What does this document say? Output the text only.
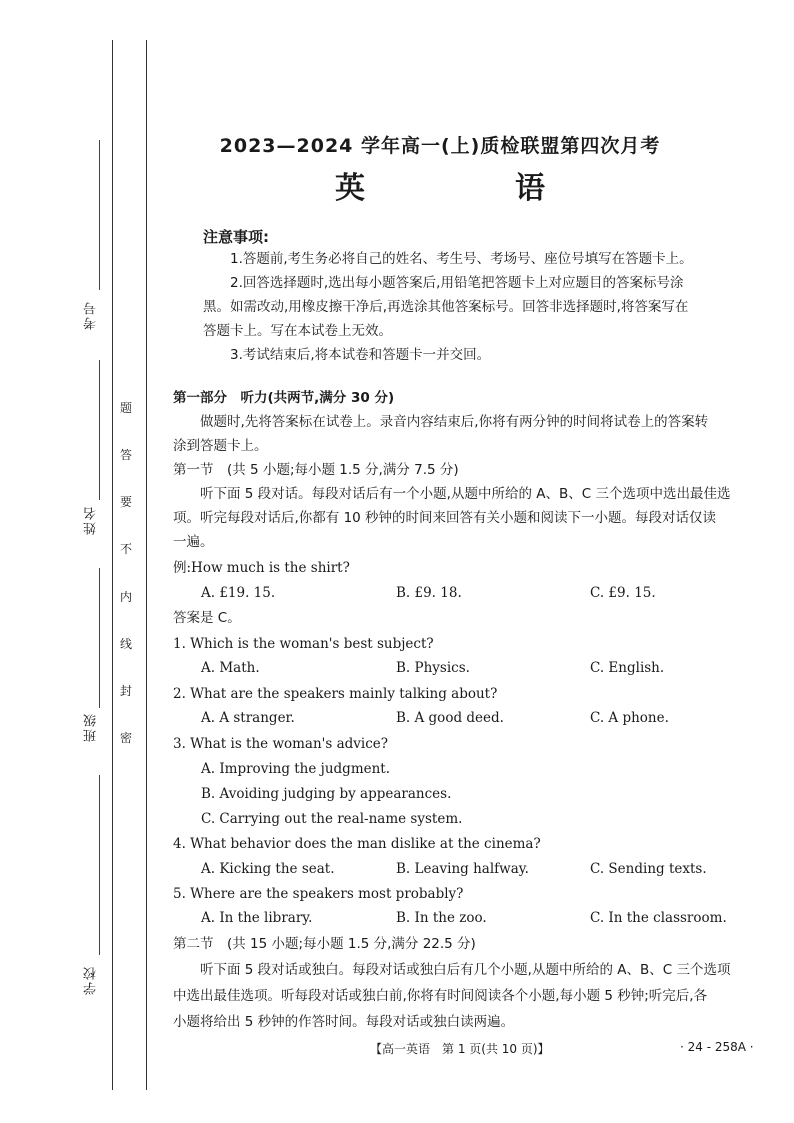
考号
姓名
班级
学校
题
答
要
不
内
线
封
密
2023—2024 学年高一(上)质检联盟第四次月考
英　语
注意事项:
1.答题前,考生务必将自己的姓名、考生号、考场号、座位号填写在答题卡上。
2.回答选择题时,选出每小题答案后,用铅笔把答题卡上对应题目的答案标号涂
黑。如需改动,用橡皮擦干净后,再选涂其他答案标号。回答非选择题时,将答案写在
答题卡上。写在本试卷上无效。
3.考试结束后,将本试卷和答题卡一并交回。
第一部分　听力(共两节,满分 30 分)
做题时,先将答案标在试卷上。录音内容结束后,你将有两分钟的时间将试卷上的答案转
涂到答题卡上。
第一节　(共 5 小题;每小题 1.5 分,满分 7.5 分)
听下面 5 段对话。每段对话后有一个小题,从题中所给的 A、B、C 三个选项中选出最佳选
项。听完每段对话后,你都有 10 秒钟的时间来回答有关小题和阅读下一小题。每段对话仅读
一遍。
例:How much is the shirt?
A. £19. 15.	B. £9. 18.	C. £9. 15.
答案是 C。
1. Which is the woman's best subject?
A. Math.	B. Physics.	C. English.
2. What are the speakers mainly talking about?
A. A stranger.	B. A good deed.	C. A phone.
3. What is the woman's advice?
A. Improving the judgment.
B. Avoiding judging by appearances.
C. Carrying out the real-name system.
4. What behavior does the man dislike at the cinema?
A. Kicking the seat.	B. Leaving halfway.	C. Sending texts.
5. Where are the speakers most probably?
A. In the library.	B. In the zoo.	C. In the classroom.
第二节　(共 15 小题;每小题 1.5 分,满分 22.5 分)
听下面 5 段对话或独白。每段对话或独白后有几个小题,从题中所给的 A、B、C 三个选项
中选出最佳选项。听每段对话或独白前,你将有时间阅读各个小题,每小题 5 秒钟;听完后,各
小题将给出 5 秒钟的作答时间。每段对话或独白读两遍。
【高一英语　第 1 页(共 10 页)】	· 24 - 258A ·
